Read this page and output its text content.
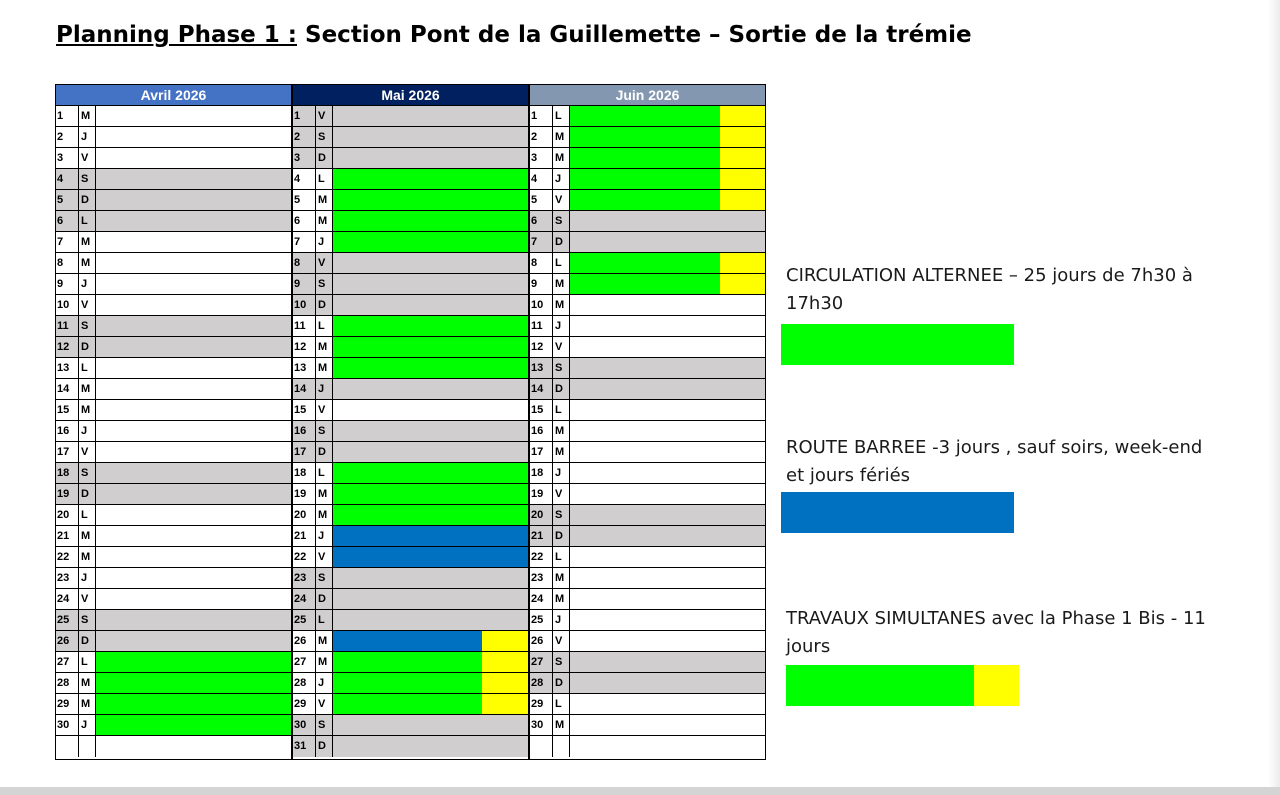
Planning Phase 1 : Section Pont de la Guillemette – Sortie de la trémie
Avril 2026
1	M
2	J
3	V
4	S
5	D
6	L
7	M
8	M
9	J
10	V
11	S
12	D
13	L
14	M
15	M
16	J
17	V
18	S
19	D
20	L
21	M
22	M
23	J
24	V
25	S
26	D
27	L
28	M
29	M
30	J
Mai 2026
1	V
2	S
3	D
4	L
5	M
6	M
7	J
8	V
9	S
10	D
11	L
12	M
13	M
14	J
15	V
16	S
17	D
18	L
19	M
20	M
21	J
22	V
23	S
24	D
25	L
26	M
27	M
28	J
29	V
30	S
31	D
Juin 2026
1	L
2	M
3	M
4	J
5	V
6	S
7	D
8	L
9	M
10	M
11	J
12	V
13	S
14	D
15	L
16	M
17	M
18	J
19	V
20	S
21	D
22	L
23	M
24	M
25	J
26	V
27	S
28	D
29	L
30	M
CIRCULATION ALTERNEE – 25 jours de 7h30 à 17h30
ROUTE BARREE -3 jours , sauf soirs, week-end et jours fériés
TRAVAUX SIMULTANES avec la Phase 1 Bis - 11 jours
